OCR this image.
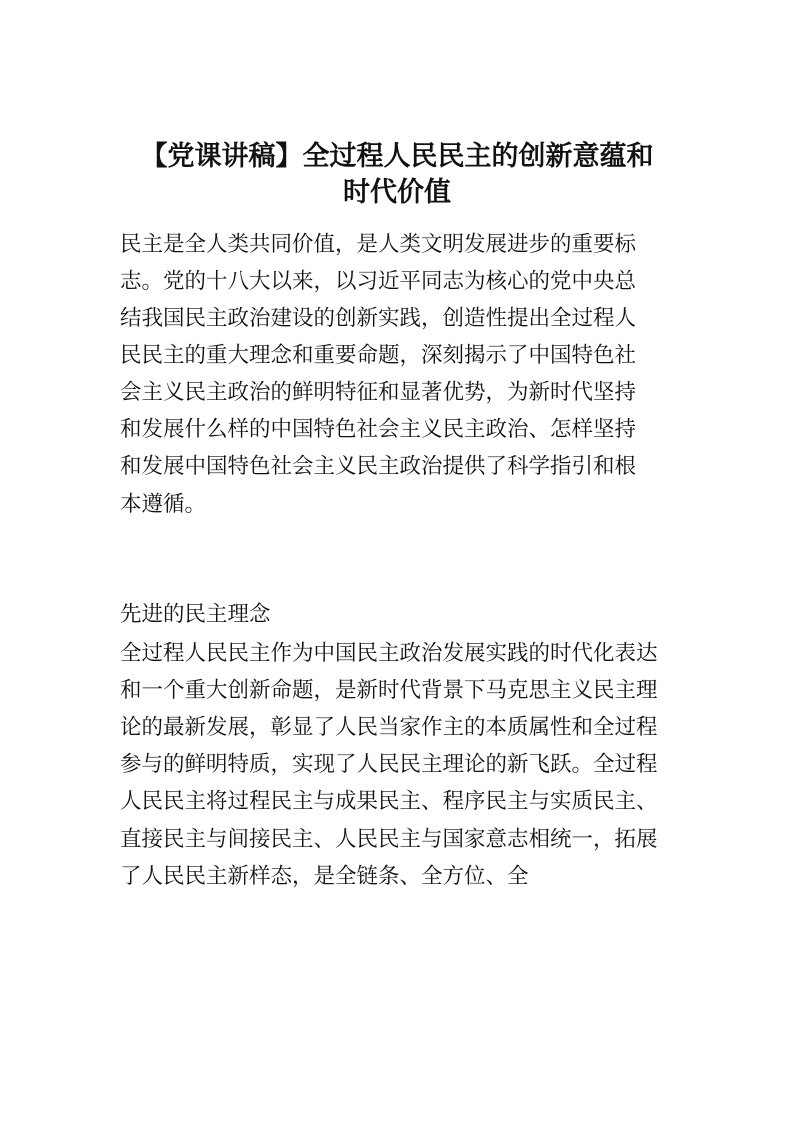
【党课讲稿】全过程人民民主的创新意蕴和
时代价值

民主是全人类共同价值，是人类文明发展进步的重要标

志。党的十八大以来，以习近平同志为核心的党中央总

结我国民主政治建设的创新实践，创造性提出全过程人

民民主的重大理念和重要命题，深刻揭示了中国特色社

会主义民主政治的鲜明特征和显著优势，为新时代坚持

和发展什么样的中国特色社会主义民主政治、怎样坚持

和发展中国特色社会主义民主政治提供了科学指引和根

本遵循。

先进的民主理念

全过程人民民主作为中国民主政治发展实践的时代化表达

和一个重大创新命题，是新时代背景下马克思主义民主理

论的最新发展，彰显了人民当家作主的本质属性和全过程

参与的鲜明特质，实现了人民民主理论的新飞跃。全过程

人民民主将过程民主与成果民主、程序民主与实质民主、

直接民主与间接民主、人民民主与国家意志相统一，拓展

了人民民主新样态，是全链条、全方位、全
